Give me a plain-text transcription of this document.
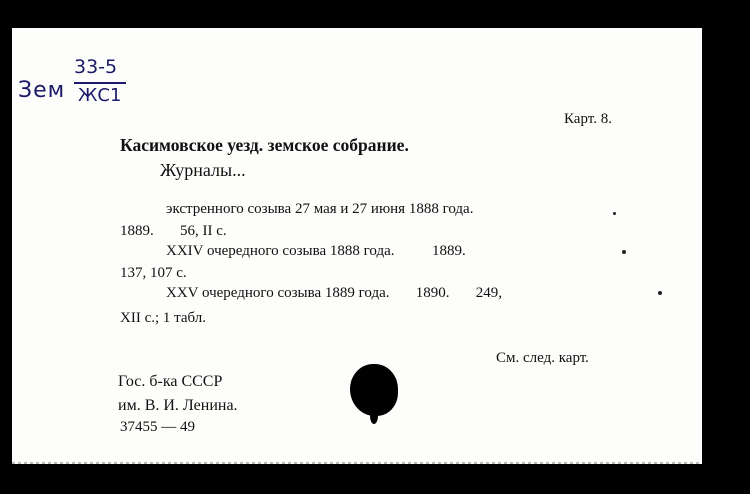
Зем
33-5
ЖС1
Карт. 8.
Касимовское уезд. земское собрание.
Журналы...
экстренного созыва 27 мая и 27 июня 1888 года.
1889.       56, II с.
XXIV очередного созыва 1888 года.          1889.
137, 107 с.
XXV очередного созыва 1889 года.       1890.       249,
XII с.; 1 табл.
См. след. карт.
Гос. б-ка СССР
им. В. И. Ленина.
37455 — 49
